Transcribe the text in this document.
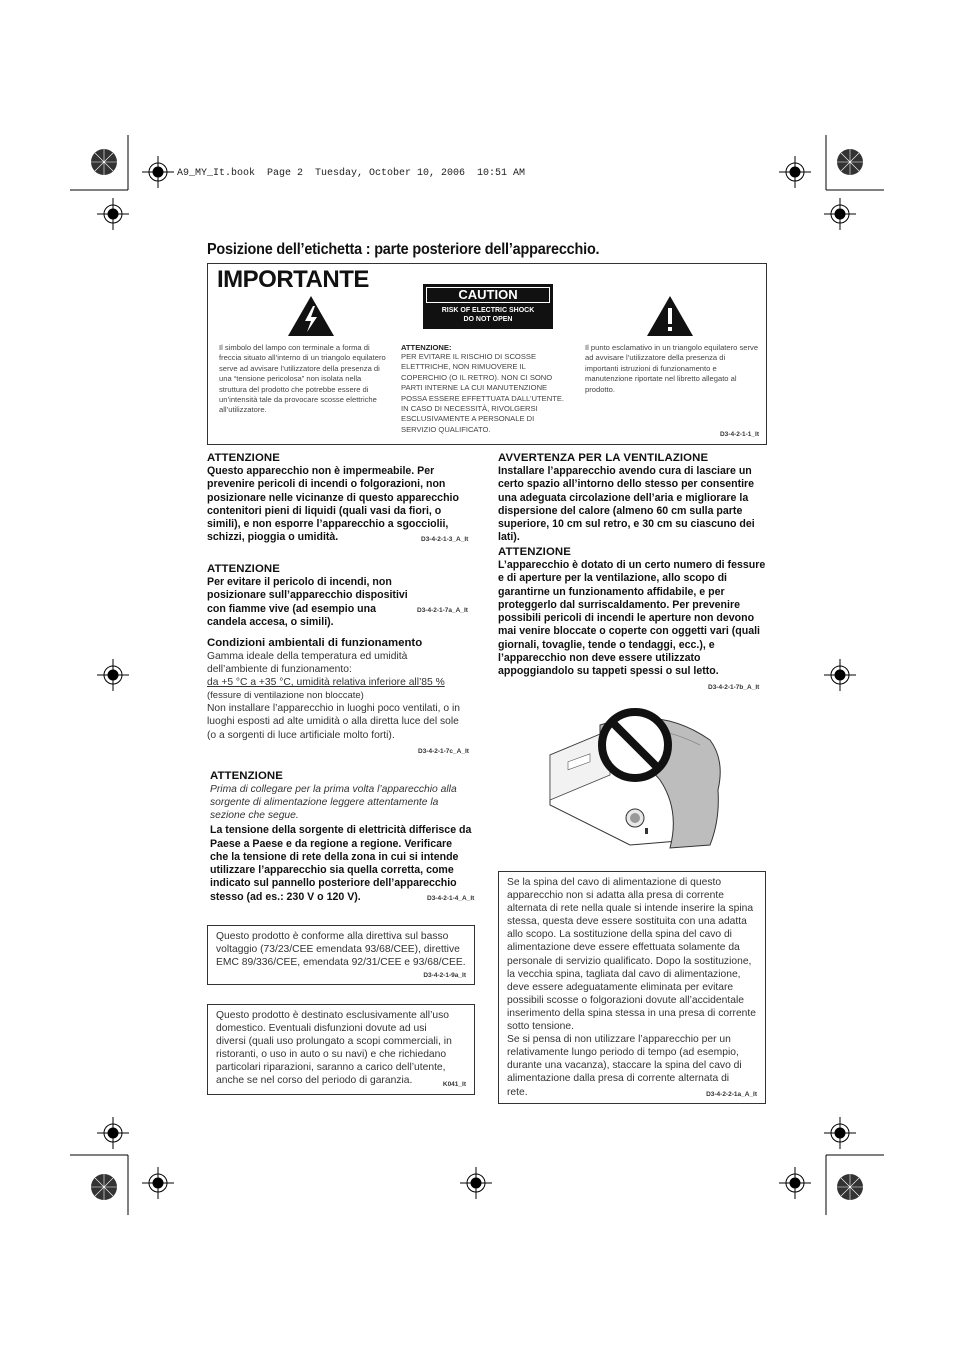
A9_MY_It.book  Page 2  Tuesday, October 10, 2006  10:51 AM
Posizione dell’etichetta : parte posteriore dell’apparecchio.
IMPORTANTE
CAUTION
RISK OF ELECTRIC SHOCK
DO NOT OPEN
Il simbolo del lampo con terminale a forma di freccia situato all’interno di un triangolo equilatero serve ad avvisare l’utilizzatore della presenza di una “tensione pericolosa” non isolata nella struttura del prodotto che potrebbe essere di un’intensità tale da provocare scosse elettriche all’utilizzatore.
ATTENZIONE:
PER EVITARE IL RISCHIO DI SCOSSE ELETTRICHE, NON RIMUOVERE IL COPERCHIO (O IL RETRO). NON CI SONO PARTI INTERNE LA CUI MANUTENZIONE POSSA ESSERE EFFETTUATA DALL’UTENTE. IN CASO DI NECESSITÀ, RIVOLGERSI ESCLUSIVAMENTE A PERSONALE DI SERVIZIO QUALIFICATO.
Il punto esclamativo in un triangolo equilatero serve ad avvisare l’utilizzatore della presenza di importanti istruzioni di funzionamento e manutenzione riportate nel libretto allegato al prodotto.
D3-4-2-1-1_It
ATTENZIONE
Questo apparecchio non è impermeabile. Per prevenire pericoli di incendi o folgorazioni, non posizionare nelle vicinanze di questo apparecchio contenitori pieni di liquidi (quali vasi da fiori, o simili), e non esporre l’apparecchio a sgocciolii, schizzi, pioggia o umidità.	D3-4-2-1-3_A_It
ATTENZIONE
Per evitare il pericolo di incendi, non posizionare sull’apparecchio dispositivi con fiamme vive (ad esempio una candela accesa, o simili).
D3-4-2-1-7a_A_It
Condizioni ambientali di funzionamento
Gamma ideale della temperatura ed umidità dell’ambiente di funzionamento:
da +5 °C a +35 °C, umidità relativa inferiore all’85 %
(fessure di ventilazione non bloccate)
Non installare l’apparecchio in luoghi poco ventilati, o in luoghi esposti ad alte umidità o alla diretta luce del sole (o a sorgenti di luce artificiale molto forti).
D3-4-2-1-7c_A_It
ATTENZIONE
Prima di collegare per la prima volta l’apparecchio alla sorgente di alimentazione leggere attentamente la sezione che segue.
La tensione della sorgente di elettricità differisce da Paese a Paese e da regione a regione. Verificare che la tensione di rete della zona in cui si intende utilizzare l’apparecchio sia quella corretta, come indicato sul pannello posteriore dell’apparecchio stesso (ad es.: 230 V o 120 V).	D3-4-2-1-4_A_It
Questo prodotto è conforme alla direttiva sul basso voltaggio (73/23/CEE emendata 93/68/CEE), direttive EMC 89/336/CEE, emendata 92/31/CEE e 93/68/CEE.
D3-4-2-1-9a_It
Questo prodotto è destinato esclusivamente all’uso domestico. Eventuali disfunzioni dovute ad usi diversi (quali uso prolungato a scopi commerciali, in ristoranti, o uso in auto o su navi) e che richiedano particolari riparazioni, saranno a carico dell’utente, anche se nel corso del periodo di garanzia.	K041_It
AVVERTENZA PER LA VENTILAZIONE
Installare l’apparecchio avendo cura di lasciare un certo spazio all’intorno dello stesso per consentire una adeguata circolazione dell’aria e migliorare la dispersione del calore (almeno 60 cm sulla parte superiore, 10 cm sul retro, e 30 cm su ciascuno dei lati).
ATTENZIONE
L’apparecchio è dotato di un certo numero di fessure e di aperture per la ventilazione, allo scopo di garantirne un funzionamento affidabile, e per proteggerlo dal surriscaldamento. Per prevenire possibili pericoli di incendi le aperture non devono mai venire bloccate o coperte con oggetti vari (quali giornali, tovaglie, tende o tendaggi, ecc.), e l’apparecchio non deve essere utilizzato appoggiandolo su tappeti spessi o sul letto.
D3-4-2-1-7b_A_It
Se la spina del cavo di alimentazione di questo apparecchio non si adatta alla presa di corrente alternata di rete nella quale si intende inserire la spina stessa, questa deve essere sostituita con una adatta allo scopo. La sostituzione della spina del cavo di alimentazione deve essere effettuata solamente da personale di servizio qualificato. Dopo la sostituzione, la vecchia spina, tagliata dal cavo di alimentazione, deve essere adeguatamente eliminata per evitare possibili scosse o folgorazioni dovute all’accidentale inserimento della spina stessa in una presa di corrente sotto tensione.
Se si pensa di non utilizzare l’apparecchio per un relativamente lungo periodo di tempo (ad esempio, durante una vacanza), staccare la spina del cavo di alimentazione dalla presa di corrente alternata di rete.	D3-4-2-2-1a_A_It
